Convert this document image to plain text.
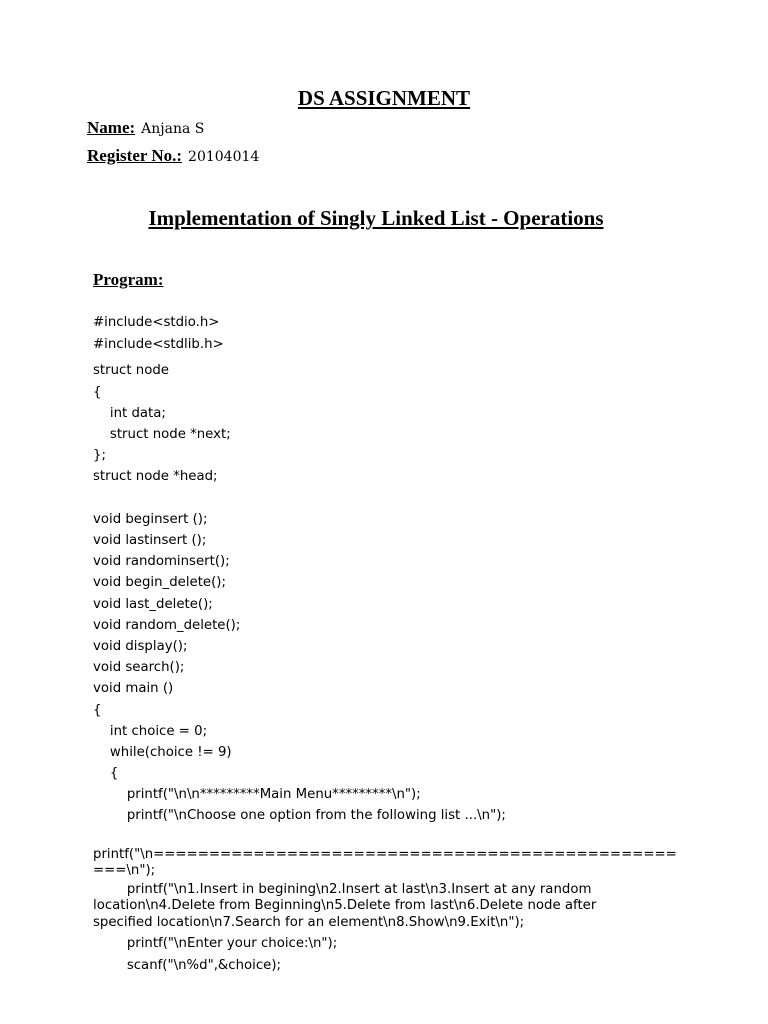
DS ASSIGNMENT
Name: Anjana S
Register No.: 20104014
Implementation of Singly Linked List - Operations
Program:
#include<stdio.h>
#include<stdlib.h>
struct node
{
int data;
struct node *next;
};
struct node *head;
void beginsert ();
void lastinsert ();
void randominsert();
void begin_delete();
void last_delete();
void random_delete();
void display();
void search();
void main ()
{
int choice = 0;
while(choice != 9)
{
printf("\n\n*********Main Menu*********\n");
printf("\nChoose one option from the following list ...\n");
printf("\n===============================================
===\n");
printf("\n1.Insert in begining\n2.Insert at last\n3.Insert at any random
location\n4.Delete from Beginning\n5.Delete from last\n6.Delete node after
specified location\n7.Search for an element\n8.Show\n9.Exit\n");
printf("\nEnter your choice:\n");
scanf("\n%d",&choice);
